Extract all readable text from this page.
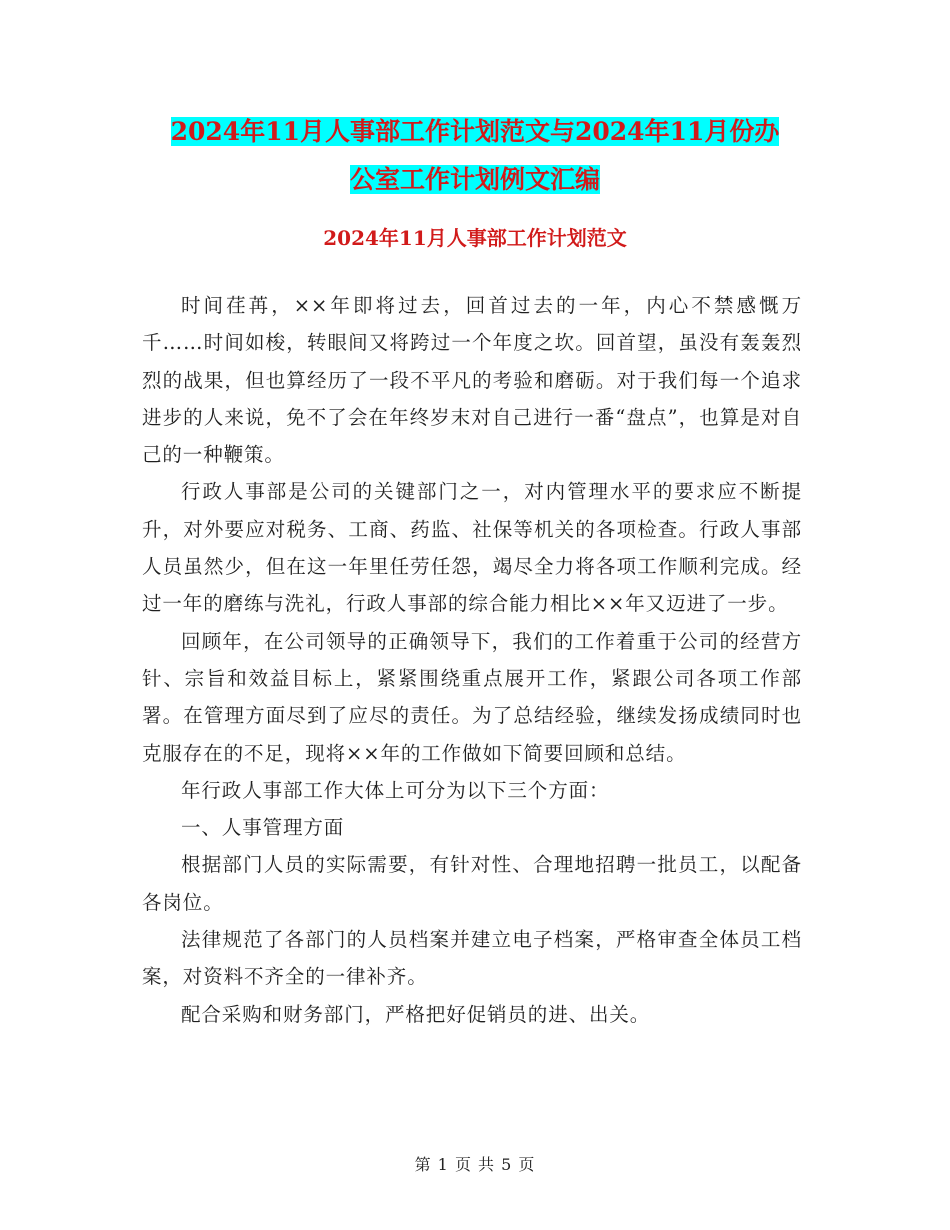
2024年11月人事部工作计划范文与2024年11月份办
公室工作计划例文汇编
2024年11月人事部工作计划范文

时间荏苒，××年即将过去，回首过去的一年，内心不禁感慨万千……时间如梭，转眼间又将跨过一个年度之坎。回首望，虽没有轰轰烈烈的战果，但也算经历了一段不平凡的考验和磨砺。对于我们每一个追求进步的人来说，免不了会在年终岁末对自己进行一番“盘点”，也算是对自己的一种鞭策。

行政人事部是公司的关键部门之一，对内管理水平的要求应不断提升，对外要应对税务、工商、药监、社保等机关的各项检查。行政人事部人员虽然少，但在这一年里任劳任怨，竭尽全力将各项工作顺利完成。经过一年的磨练与洗礼，行政人事部的综合能力相比××年又迈进了一步。

回顾年，在公司领导的正确领导下，我们的工作着重于公司的经营方针、宗旨和效益目标上，紧紧围绕重点展开工作，紧跟公司各项工作部署。在管理方面尽到了应尽的责任。为了总结经验，继续发扬成绩同时也克服存在的不足，现将××年的工作做如下简要回顾和总结。

年行政人事部工作大体上可分为以下三个方面：

一、人事管理方面

根据部门人员的实际需要，有针对性、合理地招聘一批员工，以配备各岗位。

法律规范了各部门的人员档案并建立电子档案，严格审查全体员工档案，对资料不齐全的一律补齐。

配合采购和财务部门，严格把好促销员的进、出关。

第 1 页 共 5 页
